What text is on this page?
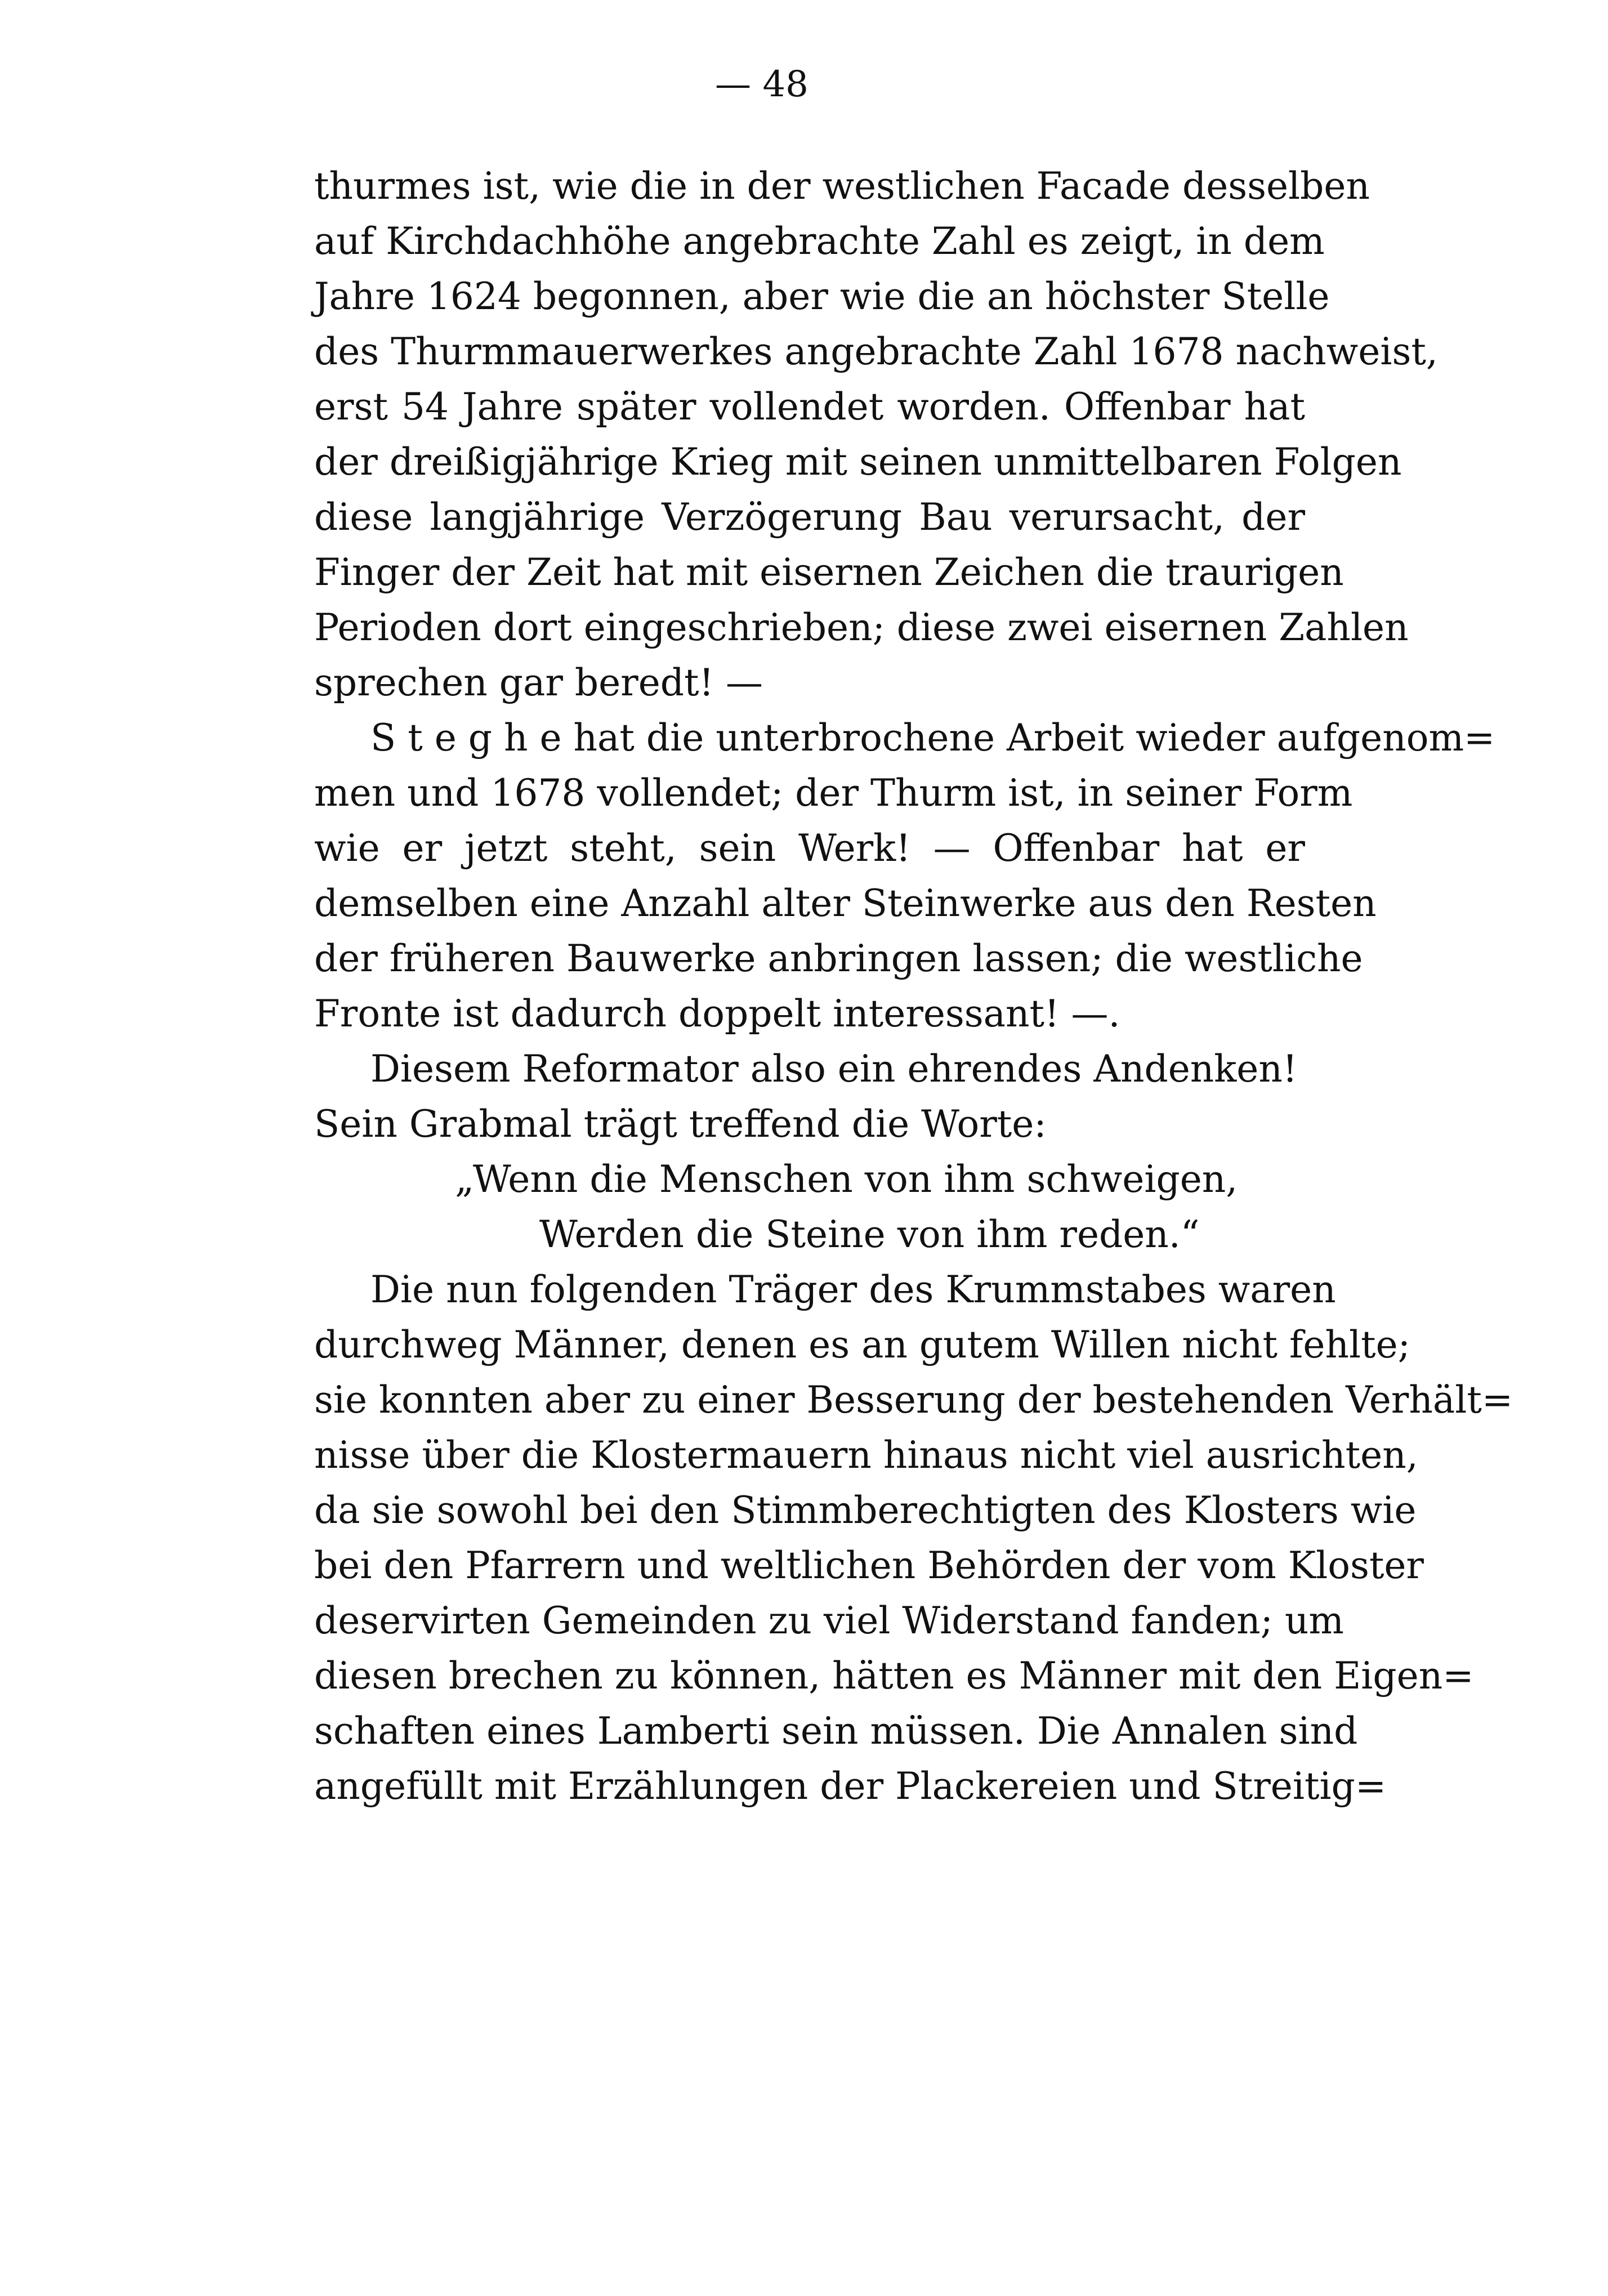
— 48
thurmes ist, wie die in der westlichen Facade desselben
auf Kirchdachhöhe angebrachte Zahl es zeigt, in dem
Jahre 1624 begonnen, aber wie die an höchster Stelle
des Thurmmauerwerkes angebrachte Zahl 1678 nachweist,
erst 54 Jahre später vollendet worden. Offenbar hat
der dreißigjährige Krieg mit seinen unmittelbaren Folgen
diese langjährige Verzögerung Bau verursacht, der
Finger der Zeit hat mit eisernen Zeichen die traurigen
Perioden dort eingeschrieben; diese zwei eisernen Zahlen
sprechen gar beredt! —
S t e g h e hat die unterbrochene Arbeit wieder aufgenom=
men und 1678 vollendet; der Thurm ist, in seiner Form
wie er jetzt steht, sein Werk! — Offenbar hat er
demselben eine Anzahl alter Steinwerke aus den Resten
der früheren Bauwerke anbringen lassen; die westliche
Fronte ist dadurch doppelt interessant! —.
Diesem Reformator also ein ehrendes Andenken!
Sein Grabmal trägt treffend die Worte:
„Wenn die Menschen von ihm schweigen,
Werden die Steine von ihm reden.“
Die nun folgenden Träger des Krummstabes waren
durchweg Männer, denen es an gutem Willen nicht fehlte;
sie konnten aber zu einer Besserung der bestehenden Verhält=
nisse über die Klostermauern hinaus nicht viel ausrichten,
da sie sowohl bei den Stimmberechtigten des Klosters wie
bei den Pfarrern und weltlichen Behörden der vom Kloster
deservirten Gemeinden zu viel Widerstand fanden; um
diesen brechen zu können, hätten es Männer mit den Eigen=
schaften eines Lamberti sein müssen. Die Annalen sind
angefüllt mit Erzählungen der Plackereien und Streitig=
